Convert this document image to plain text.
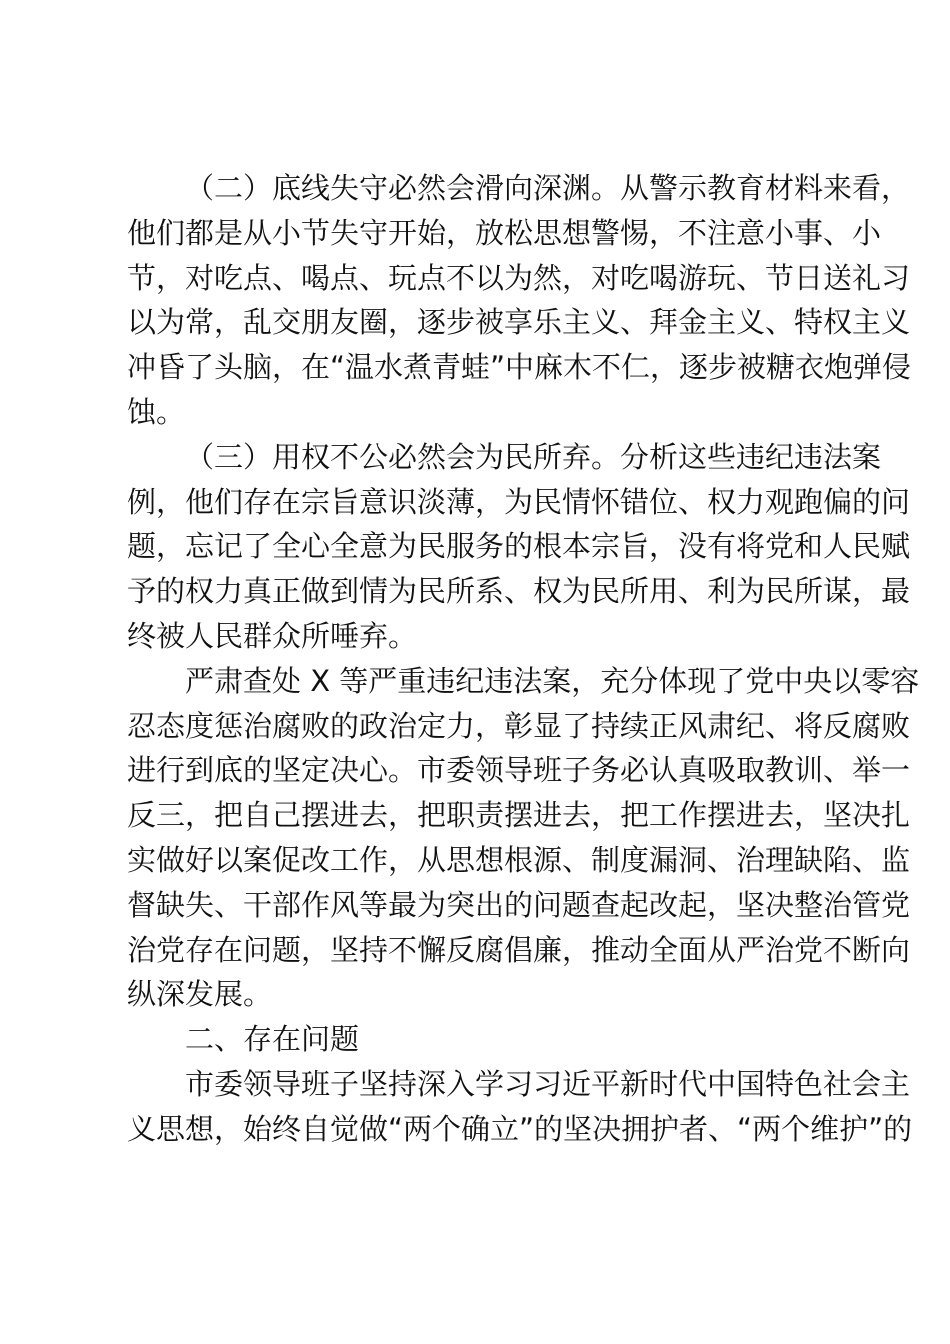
（二）底线失守必然会滑向深渊。从警示教育材料来看，

他们都是从小节失守开始，放松思想警惕，不注意小事、小

节，对吃点、喝点、玩点不以为然，对吃喝游玩、节日送礼习

以为常，乱交朋友圈，逐步被享乐主义、拜金主义、特权主义

冲昏了头脑，在“温水煮青蛙”中麻木不仁，逐步被糖衣炮弹侵

蚀。

（三）用权不公必然会为民所弃。分析这些违纪违法案

例，他们存在宗旨意识淡薄，为民情怀错位、权力观跑偏的问

题，忘记了全心全意为民服务的根本宗旨，没有将党和人民赋

予的权力真正做到情为民所系、权为民所用、利为民所谋，最

终被人民群众所唾弃。

严肃查处 X 等严重违纪违法案，充分体现了党中央以零容

忍态度惩治腐败的政治定力，彰显了持续正风肃纪、将反腐败

进行到底的坚定决心。市委领导班子务必认真吸取教训、举一

反三，把自己摆进去，把职责摆进去，把工作摆进去，坚决扎

实做好以案促改工作，从思想根源、制度漏洞、治理缺陷、监

督缺失、干部作风等最为突出的问题查起改起，坚决整治管党

治党存在问题，坚持不懈反腐倡廉，推动全面从严治党不断向

纵深发展。

二、存在问题

市委领导班子坚持深入学习习近平新时代中国特色社会主

义思想，始终自觉做“两个确立”的坚决拥护者、“两个维护”的
